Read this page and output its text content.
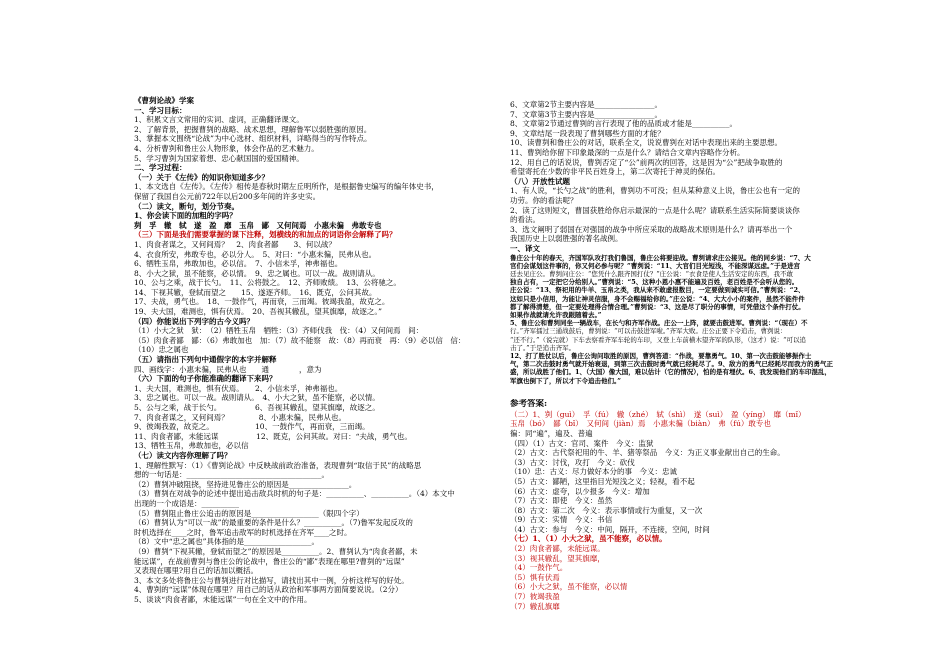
《曹刿论战》学案
一、学习目标：
1、积累文言文常用的实词、虚词，正确翻译课文。
2、了解背景，把握曹刿的战略、战术思想，理解鲁军以弱胜强的原因。
3、掌握本文围绕“论战”为中心选材、组织材料，详略得当的写作特点。
4、分析曹刿和鲁庄公人物形象，体会作品的艺术魅力。
5、学习曹刿为国家着想、忠心献国国的爱国精神。
二、学习过程：
（一）关于《左传》的知识你知道多少？
1、本文选自《左传》。《左传》相传是春秋时期左丘明所作，是根据鲁史编写的编年体史书，
保留了我国自公元前722年以后200多年间的许多史实。
（二）读文，断句，划分节奏。
1、你会读下面的加粗的字吗？
刿　孚　辙　轼　遂　盈　靡　玉帛　鄙　又何间焉　小惠未徧　弗敢专也
（三）下面是我们需要掌握的课下注释，划横线的和加点的词语你会解释了吗？
1、肉食者谋之，又何间焉？　2、肉食者鄙　　3、何以战？
4、衣食所安，弗敢专也，必以分人。　5、对曰：“小惠未徧，民弗从也。
6、牺牲玉帛，弗敢加也，必以信。　7、小信未孚，神弗福也。
8、小大之狱，虽不能察，必以情。　9、忠之属也。可以一战。战则请从。
10、公与之乘，战于长勺。　11、公将鼓之。　12、齐师败绩。　13、公将驰之。
14、下视其辙，登轼而望之　　15、遂逐齐师。　16、既克，公问其故。
17、夫战，勇气也。　18、一鼓作气，再而衰，三而竭。彼竭我盈，故克之。
19、夫大国，难测也，惧有伏焉。　20、吾视其辙乱，望其旗靡，故逐之。”
（四）你能说出下列字的古今义吗？
（1）小大之狱　狱：　（2）牺牲玉帛　牺牲：（3）齐师伐我　伐：（4）又何间焉　间：
（5）肉食者鄙　鄙：（6）弗敢加也　加：（7）故不能察　故：（8）再而衰　再：（9）必以信　信：
（10）忠之属也
（五）请指出下列句中通假字的本字并解释
四、画线字：小惠未徧，民弗从也　　通　　　　，意为
（六）下面的句子你能准确的翻译下来吗？
1、夫大国，难测也，惧有伏焉。　　2、小信未孚，神弗福也。
3、忠之属也。可以一战。战则请从。　4、小大之狱，虽不能察，必以情。
5、公与之乘，战于长勺。　　　　　6、吾视其辙乱，望其旗靡，故逐之。
7、肉食者谋之，又何间焉？　　　　8、小惠未徧，民弗从也。
9、彼竭我盈，故克之。　　　　　　10、一鼓作气，再而衰，三而竭。
11、肉食者鄙，未能远谋　　　　　12、既克，公问其故。对曰：“夫战，勇气也。
13、牺牲玉帛，弗敢加也，必以信
（七）读文内容你理解了吗？
1、理解性默写：（1）《曹刿论战》中反映战前政治准备，表现曹刿“取信于民”的战略思
想的一句话是：____________________________________。
（2）曹刿冲破阻挠，坚持进见鲁庄公的原因是________________。
（3）曹刿在对战争的论述中提出追击敌兵时机的句子是：__________、__________。（4）本文中
出现的一个成语是：__________
（5）曹刿阻止鲁庄公追击的原因是__________________（限四个字）
（6）曹刿认为“可以一战”的最重要的条件是什么？__________。（7)鲁军发起反攻的
时机选择在____之时，鲁军追击敌军的时机选择在齐军____之时。
（8）文中“忠之属也”具体指的是__________________。
（9）曹刿“下视其辙，登轼而望之”的原因是__________。2、曹刿认为“肉食者鄙，未
能远谋”，在战前曹刿与鲁庄公的论战中，鲁庄公的“鄙”表现在哪里?曹刿的“远谋”
又表现在哪里?用自己的话加以概括。
3、本文多处将鲁庄公与曹刿进行对比描写，请找出其中一例，分析这样写的好处。
4、曹刿的“远谋”体现在哪里？用自己的话从政治和军事两方面简要说说。（2分）
5、谈谈“肉食者鄙，未能远谋”一句在全文中的作用。
6、文章第2节主要内容是________________。
7、文章第3节主要内容是________________。
8、文章第2节通过曹刿的言行表现了他的品质或才能是__________。
9、文章结尾一段表现了曹刿哪些方面的才能？
10、读曹刿和鲁庄公的对话，联系全文，说说曹刿在对话中表现出来的主要思想。
11、曹刿给你留下印象最深的一点是什么？请结合文章内容略作分析。
12、用自己的话说说，曹刿否定了“公”前两次的回答，这是因为“公”把战争取胜的
希望寄托在少数的非平民百姓身上，第二次寄托于神灵的保佑。
（八）开放性试题
1、有人说，“长勺之战”的胜利，曹刿功不可没；但从某种意义上说，鲁庄公也有一定的
功劳。你的看法呢？
2、读了这则短文，曹国获胜给你启示最深的一点是什么呢？请联系生活实际简要谈谈你
的看法。
3、选文阐明了弱国在对强国的战争中所应采取的战略战术原则是什么？请再举出一个
我国历史上以弱胜强的著名战例。
一、译文
鲁庄公十年的春天，齐国军队攻打我们鲁国，鲁庄公将要迎战。曹刿请求庄公接见。他的同乡说：“7、大
官们会谋划这件事的，你又何必参与呢？”曹刿说：“11、大官们目光短浅，不能深谋远虑。”于是进宫
廷去见庄公。曹刿问庄公：“您凭什么跟齐国打仗？”庄公说：“衣食是使人生活安定的东西，我不敢
独自占有，一定把它分给别人。”曹刿说：“5、这种小恩小惠不能遍及百姓，老百姓是不会听从您的。
庄公说：“13、祭祀用的牛羊、玉帛之类，我从来不敢虚报数目，一定要做到诚实可信。”曹刿说：“2、
这如只是小信用，为能让神灵信服，身不会赐福给你的。”庄公说：“4、大大小小的案件，虽然不能件件
都了解得清楚，但一定要处理得合情合理。”曹刿说：“3、这是尽了职分的事情，可凭借这个条件打仗。
如果作战就请允许我跟随着去。”
5、鲁庄公和曹刿同坐一辆战车，在长勺和齐军作战。庄公一上阵，就要击鼓进军。曹刿说：“（现在）不
行。”齐军擂过三通战鼓后，曹刿说：“可以击鼓进军啦。”齐军大败。庄公正要下令追击，曹刿说：
“还不行。”（说完就）下车去察看齐军车轮的车印，又登上车前横木望齐军的队形，（这才）说：“可以追
击了。”于是追击齐军。
12、打了胜仗以后，鲁庄公询问取胜的原因，曹刿答道：“作战，要靠勇气。10、第一次击鼓能够振作士
气，第二次击鼓时勇气就开始衰退，到第三次击鼓时勇气就已经耗尽了。9、敌方的勇气已经耗尽而我方的勇气正
盛，所以战胜了他们。1、（大国）像大国，难以估计（它的情况），怕的是有埋伏。6、我发现他们的车印混乱，
军旗也倒下了，所以才下令追击他们。”
参考答案:
（二）1、刿（guì）　孚（fú）　辙（zhé）　轼（shì）　遂（suì）　盈（yíng）　靡（mǐ）
玉帛（bó）　鄙（bǐ）　又何间（jiàn）焉　小惠未徧（biàn）　弗（fú）敢专也
徧：同“遍”，遍及、普遍
（四）（1）古文：官司、案件　今义：监狱
（2）古文：古代祭祀用的牛、羊、猪等祭品　今义：为正义事业献出自己的生命。
（3）古文：讨伐，攻打　今义：砍伐
（10）忠：古义：尽力做好本分的事　今义：忠诚
（5）古文：鄙陋，这里指目光短浅之义；轻视，看不起
（6）古文：虚夸，以少报多　今义：增加
（7）古文：即使　今义：虽然
（8）古文：第二次　今义：表示事情或行为重复，又一次
（9）古文：实情　今义：书信
（4）古文：参与　今义：中间，隔开，不连接，空间，时间
（七）1、（1）小大之狱，虽不能察，必以情。
（2）肉食者鄙，未能远谋。
（3）视其辙乱，望其旗靡，
（4）一鼓作气。
（5）惧有伏焉
（6）小大之狱，虽不能察，必以情
（7）彼竭我盈
（7）辙乱旗靡
